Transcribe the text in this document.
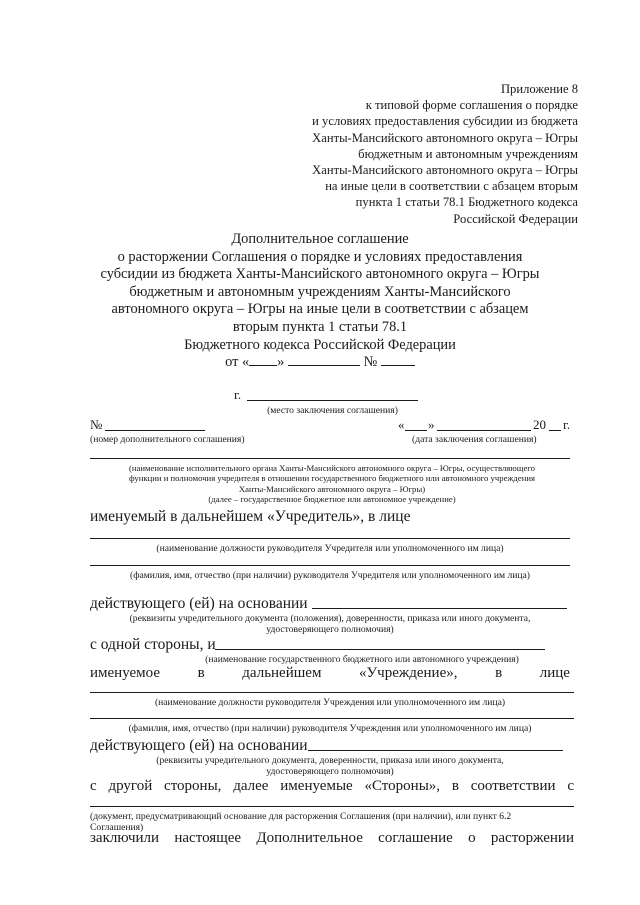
Приложение 8
к типовой форме соглашения о порядке
и условиях предоставления субсидии из бюджета
Ханты-Мансийского автономного округа – Югры
бюджетным и автономным учреждениям
Ханты-Мансийского автономного округа – Югры
на иные цели в соответствии с абзацем вторым
пункта 1 статьи 78.1 Бюджетного кодекса
Российской Федерации
Дополнительное соглашение
о расторжении Соглашения о порядке и условиях предоставления
субсидии из бюджета Ханты-Мансийского автономного округа – Югры
бюджетным и автономным учреждениям Ханты-Мансийского
автономного округа – Югры на иные цели в соответствии с абзацем
вторым пункта 1 статьи 78.1
Бюджетного кодекса Российской Федерации
от « »	№
г.
(место заключения соглашения)
№	« »	20 г.
(номер дополнительного соглашения)	(дата заключения соглашения)
(наименование исполнительного органа Ханты-Мансийского автономного округа – Югры, осуществляющего
функции и полномочия учредителя в отношении государственного бюджетного или автономного учреждения
Ханты-Мансийского автономного округа – Югры)
(далее – государственное бюджетное или автономное учреждение)
именуемый в дальнейшем «Учредитель», в лице
(наименование должности руководителя Учредителя или уполномоченного им лица)
(фамилия, имя, отчество (при наличии) руководителя Учредителя или уполномоченного им лица)
действующего (ей) на основании
(реквизиты учредительного документа (положения), доверенности, приказа или иного документа,
удостоверяющего полномочия)
с одной стороны, и
(наименование государственного бюджетного или автономного учреждения)
именуемое	в	дальнейшем	«Учреждение»,	в	лице
(наименование должности руководителя Учреждения или уполномоченного им лица)
(фамилия, имя, отчество (при наличии) руководителя Учреждения или уполномоченного им лица)
действующего (ей) на основании
(реквизиты учредительного документа, доверенности, приказа или иного документа,
удостоверяющего полномочия)
с другой стороны, далее именуемые «Стороны», в соответствии с
(документ, предусматривающий основание для расторжения Соглашения (при наличии), или пункт 6.2
Соглашения)
заключили настоящее Дополнительное соглашение о расторжении
